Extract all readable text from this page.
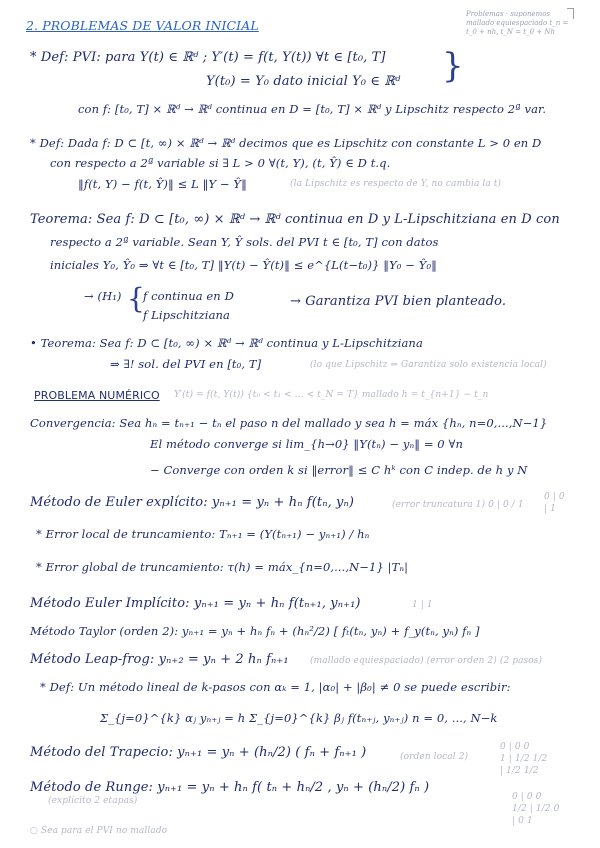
2. PROBLEMAS DE VALOR INICIAL
Problemas · suponemos mallado equiespaciado t_n = t_0 + nh, t_N = t_0 + Nh
* Def: PVI: para Y(t) ∈ ℝᵈ ; Y′(t) = f(t, Y(t)) ∀t ∈ [t₀, T]
Y(t₀) = Y₀ dato inicial Y₀ ∈ ℝᵈ }
con f: [t₀, T] × ℝᵈ → ℝᵈ continua en D = [t₀, T] × ℝᵈ y Lipschitz respecto 2ª var.
* Def: Dada f: D ⊂ [t, ∞) × ℝᵈ → ℝᵈ decimos que es Lipschitz con constante L > 0 en D
con respecto a 2ª variable si ∃ L > 0 ∀(t, Y), (t, Ŷ) ∈ D t.q.
‖f(t, Y) − f(t, Ŷ)‖ ≤ L ‖Y − Ŷ‖	(la Lipschitz es respecto de Y, no cambia la t)
Teorema: Sea f: D ⊂ [t₀, ∞) × ℝᵈ → ℝᵈ continua en D y L-Lipschitziana en D con
respecto a 2ª variable. Sean Y, Ŷ sols. del PVI t ∈ [t₀, T] con datos
iniciales Y₀, Ŷ₀ ⇒ ∀t ∈ [t₀, T] ‖Y(t) − Ŷ(t)‖ ≤ e^{L(t−t₀)} ‖Y₀ − Ŷ₀‖
→ (H₁) {
f continua en D
f Lipschitziana
→ Garantiza PVI bien planteado.
• Teorema: Sea f: D ⊂ [t₀, ∞) × ℝᵈ → ℝᵈ continua y L-Lipschitziana
⇒ ∃! sol. del PVI en [t₀, T]	(lo que Lipschitz ⇒ Garantiza solo existencia local)
PROBLEMA NUMÉRICO Y′(t) = f(t, Y(t)) {t₀ < t₁ < ... < t_N = T} mallado h = t_{n+1} − t_n
Convergencia: Sea hₙ = tₙ₊₁ − tₙ el paso n del mallado y sea h = máx {hₙ, n=0,...,N−1}
El método converge si lim_{h→0} ‖Y(tₙ) − yₙ‖ = 0 ∀n
− Converge con orden k si ‖error‖ ≤ C hᵏ con C indep. de h y N
Método de Euler explícito: yₙ₊₁ = yₙ + hₙ f(tₙ, yₙ)	(error truncatura 1) 0 | 0 / 1
* Error local de truncamiento: Tₙ₊₁ = (Y(tₙ₊₁) − yₙ₊₁) / hₙ
* Error global de truncamiento: τ(h) = máx_{n=0,...,N−1} |Tₙ|
Método Euler Implícito: yₙ₊₁ = yₙ + hₙ f(tₙ₊₁, yₙ₊₁)	1 | 1
Método Taylor (orden 2): yₙ₊₁ = yₙ + hₙ fₙ + (hₙ²/2) [ fₜ(tₙ, yₙ) + f_y(tₙ, yₙ) fₙ ]
Método Leap-frog: yₙ₊₂ = yₙ + 2 hₙ fₙ₊₁ (mallado equiespaciado) (error orden 2) (2 pasos)
* Def: Un método lineal de k-pasos con αₖ = 1, |α₀| + |β₀| ≠ 0 se puede escribir:
Σ_{j=0}^{k} αⱼ yₙ₊ⱼ = h Σ_{j=0}^{k} βⱼ f(tₙ₊ⱼ, yₙ₊ⱼ) n = 0, ..., N−k
Método del Trapecio: yₙ₊₁ = yₙ + (hₙ/2) ( fₙ + fₙ₊₁ )	(orden local 2)
Método de Runge: yₙ₊₁ = yₙ + hₙ f( tₙ + hₙ/2 , yₙ + (hₙ/2) fₙ )
(explícito 2 etapas)
○ Sea para el PVI no mallado
0 | 0
| 1
0 | 0 0
1 | 1/2 1/2
| 1/2 1/2
0 | 0 0
1/2 | 1/2 0
| 0 1
